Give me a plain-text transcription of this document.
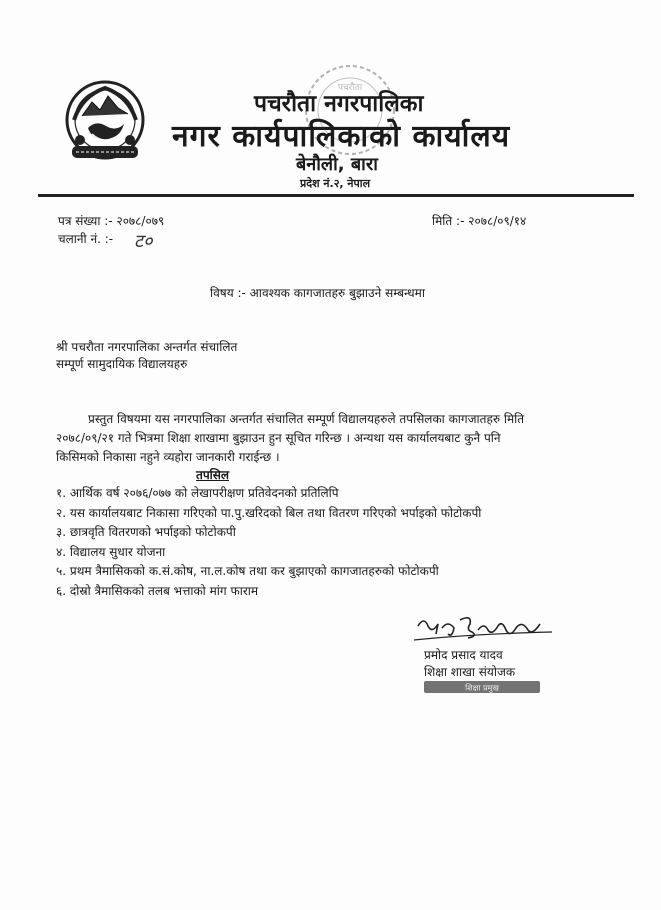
पचरौता
पचरौता नगरपालिका
नगर कार्यपालिकाको कार्यालय
बेनौली, बारा
प्रदेश नं.२, नेपाल
पत्र संख्या :- २०७८/०७९	मिति :- २०७८/०९/१४
चलानी नं. :- ट०
विषय :- आवश्यक कागजातहरु बुझाउने सम्बन्धमा
श्री पचरौता नगरपालिका अन्तर्गत संचालित
सम्पूर्ण सामुदायिक विद्यालयहरु
प्रस्तुत विषयमा यस नगरपालिका अन्तर्गत संचालित सम्पूर्ण विद्यालयहरुले तपसिलका कागजातहरु मिति
२०७८/०९/२१ गते भित्रमा शिक्षा शाखामा बुझाउन हुन सूचित गरिन्छ । अन्यथा यस कार्यालयबाट कुनै पनि
किसिमको निकासा नहुने व्यहोरा जानकारी गराईन्छ ।
तपसिल
१. आर्थिक वर्ष २०७६/०७७ को लेखापरीक्षण प्रतिवेदनको प्रतिलिपि
२. यस कार्यालयबाट निकासा गरिएको पा.पु.खरिदको बिल तथा वितरण गरिएको भर्पाइको फोटोकपी
३. छात्रवृति वितरणको भर्पाइको फोटोकपी
४. विद्यालय सुधार योजना
५. प्रथम त्रैमासिकको क.सं.कोष, ना.ल.कोष तथा कर बुझाएको कागजातहरुको फोटोकपी
६. दोस्रो त्रैमासिकको तलब भत्ताको मांग फाराम
प्रमोद प्रसाद यादव
शिक्षा शाखा संयोजक
शिक्षा प्रमुख
